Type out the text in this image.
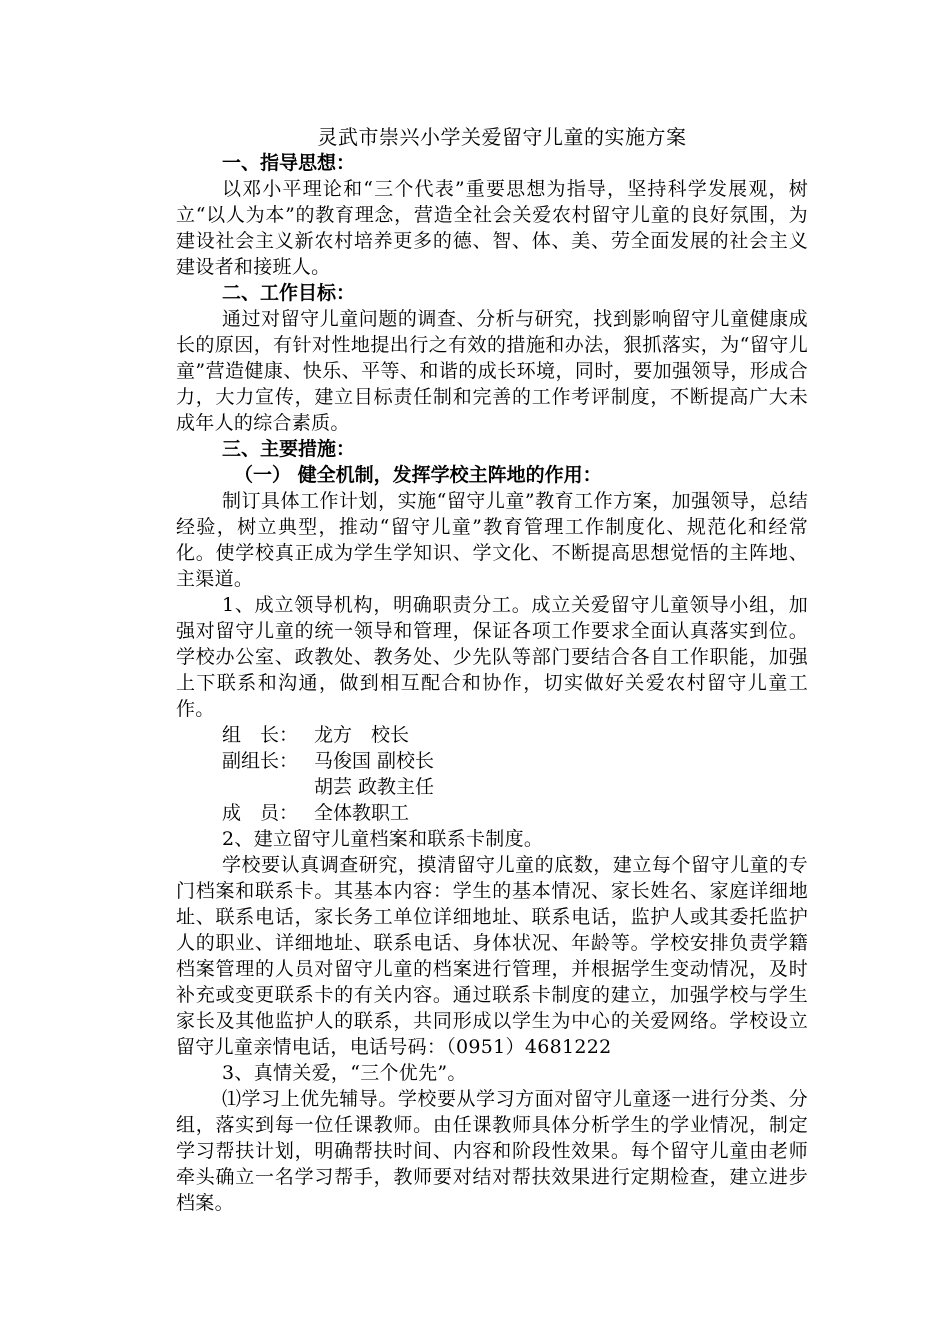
灵武市崇兴小学关爱留守儿童的实施方案

一、指导思想：

以邓小平理论和“三个代表”重要思想为指导，坚持科学发展观，树立“以人为本”的教育理念，营造全社会关爱农村留守儿童的良好氛围，为建设社会主义新农村培养更多的德、智、体、美、劳全面发展的社会主义建设者和接班人。

二、工作目标：

通过对留守儿童问题的调查、分析与研究，找到影响留守儿童健康成长的原因，有针对性地提出行之有效的措施和办法，狠抓落实，为“留守儿童”营造健康、快乐、平等、和谐的成长环境，同时，要加强领导，形成合力，大力宣传，建立目标责任制和完善的工作考评制度，不断提高广大未成年人的综合素质。

三、主要措施：

（一） 健全机制，发挥学校主阵地的作用：

制订具体工作计划，实施“留守儿童”教育工作方案，加强领导，总结经验，树立典型，推动“留守儿童”教育管理工作制度化、规范化和经常化。使学校真正成为学生学知识、学文化、不断提高思想觉悟的主阵地、主渠道。

1、成立领导机构，明确职责分工。成立关爱留守儿童领导小组，加强对留守儿童的统一领导和管理，保证各项工作要求全面认真落实到位。学校办公室、政教处、教务处、少先队等部门要结合各自工作职能，加强上下联系和沟通，做到相互配合和协作，切实做好关爱农村留守儿童工作。

组　长： 龙方　校长

副组长： 马俊国 副校长

胡芸 政教主任

成　员： 全体教职工

2、建立留守儿童档案和联系卡制度。

学校要认真调查研究，摸清留守儿童的底数，建立每个留守儿童的专门档案和联系卡。其基本内容：学生的基本情况、家长姓名、家庭详细地址、联系电话，家长务工单位详细地址、联系电话，监护人或其委托监护人的职业、详细地址、联系电话、身体状况、年龄等。学校安排负责学籍档案管理的人员对留守儿童的档案进行管理，并根据学生变动情况，及时补充或变更联系卡的有关内容。通过联系卡制度的建立，加强学校与学生家长及其他监护人的联系，共同形成以学生为中心的关爱网络。学校设立留守儿童亲情电话，电话号码：（0951）4681222

3、真情关爱，“三个优先”。

⑴学习上优先辅导。学校要从学习方面对留守儿童逐一进行分类、分组，落实到每一位任课教师。由任课教师具体分析学生的学业情况，制定学习帮扶计划，明确帮扶时间、内容和阶段性效果。每个留守儿童由老师牵头确立一名学习帮手，教师要对结对帮扶效果进行定期检查，建立进步档案。
